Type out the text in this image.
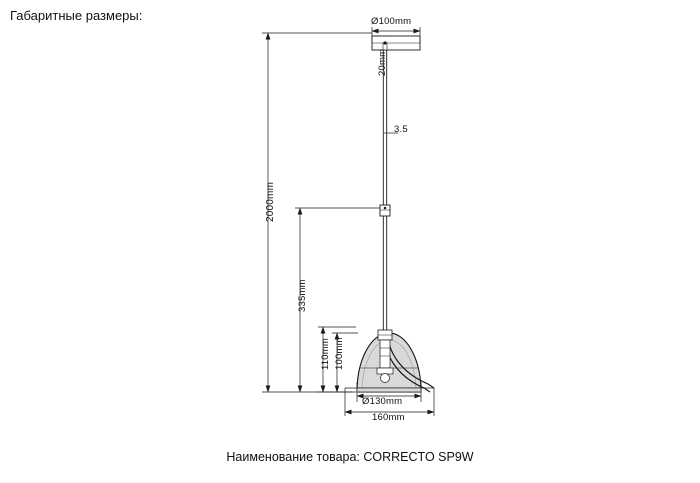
Габаритные размеры:	Ø100mm
20mm
3.5
2000mm
335mm
110mm 100mm
Ø130mm
160mm
Наименование товара: CORRECTO SP9W
